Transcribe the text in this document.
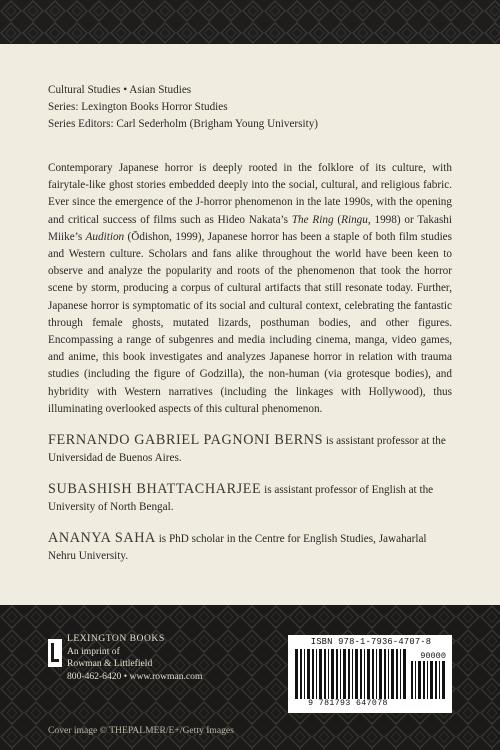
Cultural Studies • Asian Studies
Series: Lexington Books Horror Studies
Series Editors: Carl Sederholm (Brigham Young University)
Contemporary Japanese horror is deeply rooted in the folklore of its culture, with fairytale-like ghost stories embedded deeply into the social, cultural, and religious fabric. Ever since the emergence of the J-horror phenomenon in the late 1990s, with the opening and critical success of films such as Hideo Nakata’s The Ring (Ringu, 1998) or Takashi Miike’s Audition (Ōdishon, 1999), Japanese horror has been a staple of both film studies and Western culture. Scholars and fans alike throughout the world have been keen to observe and analyze the popularity and roots of the phenomenon that took the horror scene by storm, producing a corpus of cultural artifacts that still resonate today. Further, Japanese horror is symptomatic of its social and cultural context, celebrating the fantastic through female ghosts, mutated lizards, posthuman bodies, and other figures. Encompassing a range of subgenres and media including cinema, manga, video games, and anime, this book investigates and analyzes Japanese horror in relation with trauma studies (including the figure of Godzilla), the non-human (via grotesque bodies), and hybridity with Western narratives (including the linkages with Hollywood), thus illuminating overlooked aspects of this cultural phenomenon.
FERNANDO GABRIEL PAGNONI BERNS is assistant professor at the Universidad de Buenos Aires.
SUBASHISH BHATTACHARJEE is assistant professor of English at the University of North Bengal.
ANANYA SAHA is PhD scholar in the Centre for English Studies, Jawaharlal Nehru University.
LEXINGTON BOOKS
An imprint of
Rowman & Littlefield
800-462-6420 • www.rowman.com
ISBN 978-1-7936-4707-8
90000
9 781793 647078
Cover image © THEPALMER/E+/Getty Images
